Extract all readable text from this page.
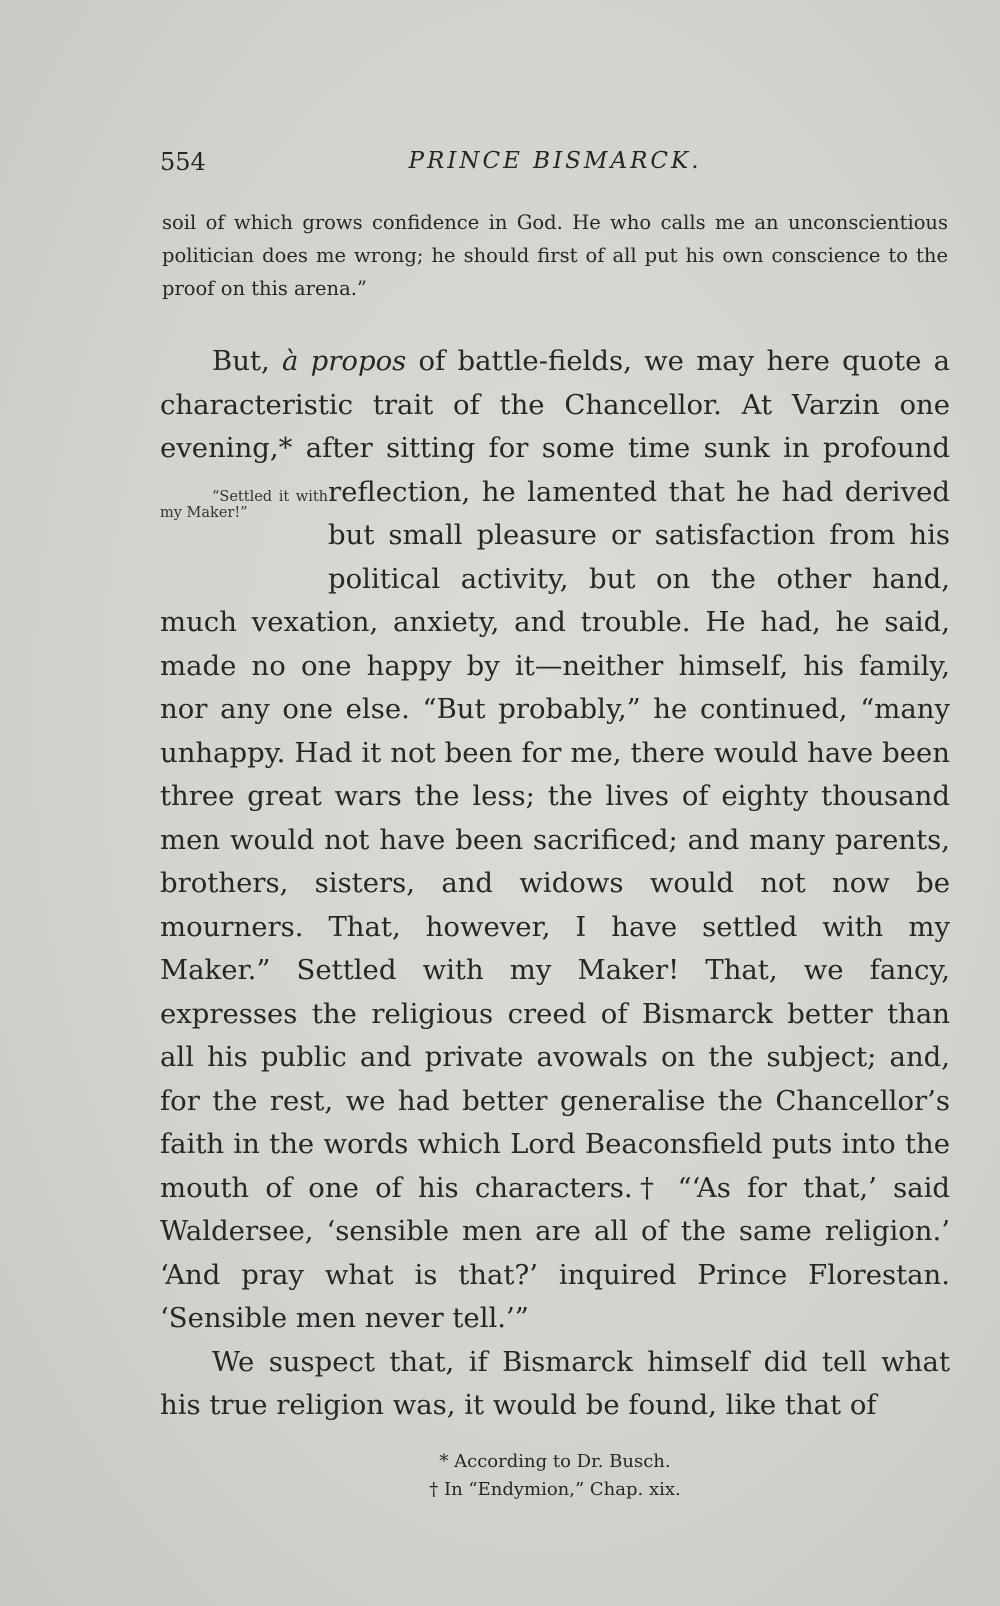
554	PRINCE BISMARCK.
soil of which grows confidence in God. He who calls me an unconscientious politician does me wrong; he should first of all put his own conscience to the proof on this arena.”

But, à propos of battle-fields, we may here quote a characteristic trait of the Chancellor. At Varzin one evening,* after sitting for some time sunk in profound
“Settled it with my Maker!”
reflection, he lamented that he had derived but small pleasure or satisfaction from his political activity, but on the other hand, much vexation, anxiety, and trouble. He had, he said, made no one happy by it—neither himself, his family, nor any one else. “But probably,” he continued, “many unhappy. Had it not been for me, there would have been three great wars the less; the lives of eighty thousand men would not have been sacrificed; and many parents, brothers, sisters, and widows would not now be mourners. That, however, I have settled with my Maker.” Settled with my Maker! That, we fancy, expresses the religious creed of Bismarck better than all his public and private avowals on the subject; and, for the rest, we had better generalise the Chancellor’s faith in the words which Lord Beaconsfield puts into the mouth of one of his characters.† “‘As for that,’ said Waldersee, ‘sensible men are all of the same religion.’ ‘And pray what is that?’ inquired Prince Florestan. ‘Sensible men never tell.’”

We suspect that, if Bismarck himself did tell what his true religion was, it would be found, like that of

* According to Dr. Busch.
† In “Endymion,” Chap. xix.
